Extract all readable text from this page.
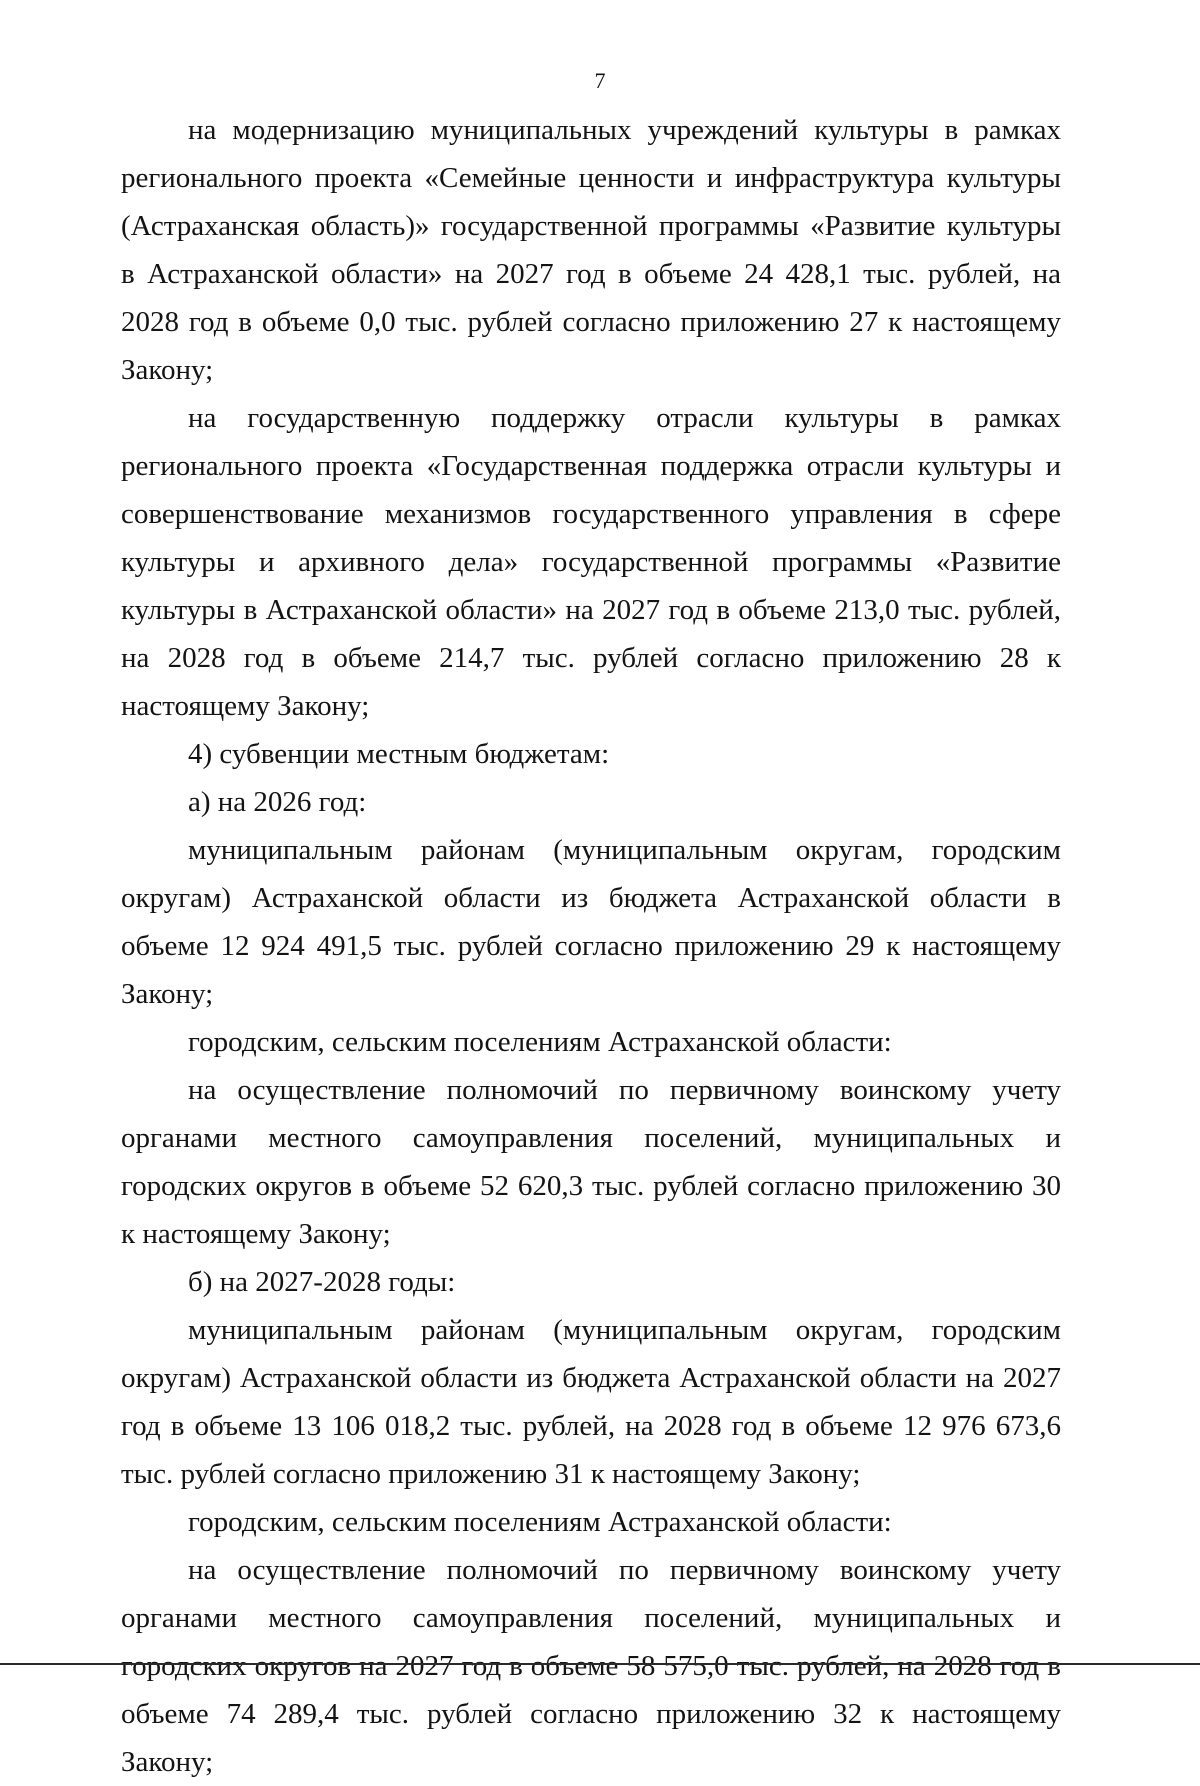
7

на модернизацию муниципальных учреждений культуры в рамках регионального проекта «Семейные ценности и инфраструктура культуры (Астраханская область)» государственной программы «Развитие культуры в Астраханской области» на 2027 год в объеме 24 428,1 тыс. рублей, на 2028 год в объеме 0,0 тыс. рублей согласно приложению 27 к настоящему Закону;

на государственную поддержку отрасли культуры в рамках регионального проекта «Государственная поддержка отрасли культуры и совершенствование механизмов государственного управления в сфере культуры и архивного дела» государственной программы «Развитие культуры в Астраханской области» на 2027 год в объеме 213,0 тыс. рублей, на 2028 год в объеме 214,7 тыс. рублей согласно приложению 28 к настоящему Закону;

4) субвенции местным бюджетам:

а) на 2026 год:

муниципальным районам (муниципальным округам, городским округам) Астраханской области из бюджета Астраханской области в объеме 12 924 491,5 тыс. рублей согласно приложению 29 к настоящему Закону;

городским, сельским поселениям Астраханской области:

на осуществление полномочий по первичному воинскому учету органами местного самоуправления поселений, муниципальных и городских округов в объеме 52 620,3 тыс. рублей согласно приложению 30 к настоящему Закону;

б) на 2027-2028 годы:

муниципальным районам (муниципальным округам, городским округам) Астраханской области из бюджета Астраханской области на 2027 год в объеме 13 106 018,2 тыс. рублей, на 2028 год в объеме 12 976 673,6 тыс. рублей согласно приложению 31 к настоящему Закону;

городским, сельским поселениям Астраханской области:

на осуществление полномочий по первичному воинскому учету органами местного самоуправления поселений, муниципальных и городских округов на 2027 год в объеме 58 575,0 тыс. рублей, на 2028 год в объеме 74 289,4 тыс. рублей согласно приложению 32 к настоящему Закону;
